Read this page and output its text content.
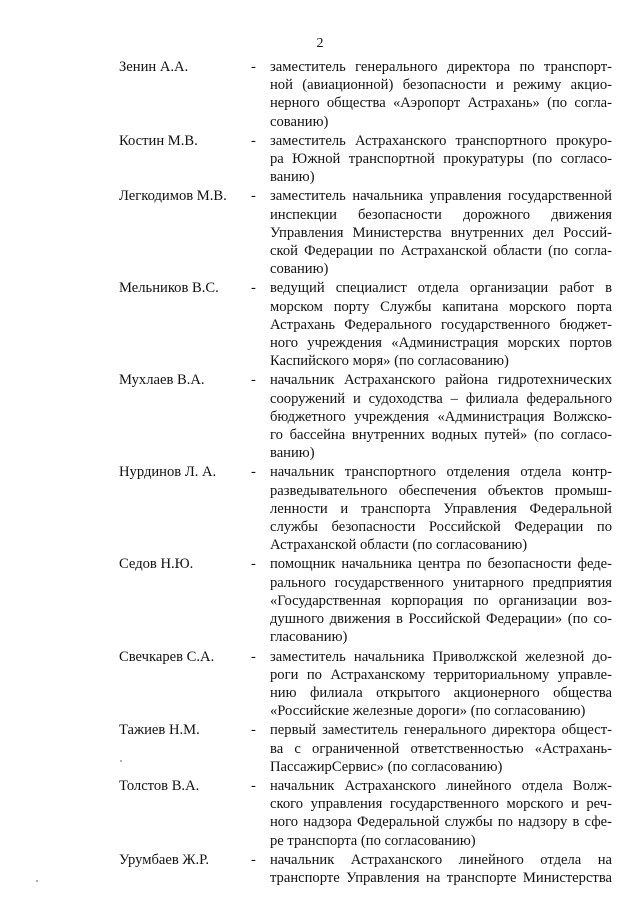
2
Зенин А.А.	- заместитель генерального директора по транспорт-
ной (авиационной) безопасности и режиму акцио-
нерного общества «Аэропорт Астрахань» (по согла-
сованию)
Костин М.В.	- заместитель Астраханского транспортного прокуро-
ра Южной транспортной прокуратуры (по согласо-
ванию)
Легкодимов М.В. - заместитель начальника управления государственной
инспекции безопасности дорожного движения
Управления Министерства внутренних дел Россий-
ской Федерации по Астраханской области (по согла-
сованию)
Мельников В.С. - ведущий специалист отдела организации работ в
морском порту Службы капитана морского порта
Астрахань Федерального государственного бюджет-
ного учреждения «Администрация морских портов
Каспийского моря» (по согласованию)
Мухлаев В.А.	- начальник Астраханского района гидротехнических
сооружений и судоходства – филиала федерального
бюджетного учреждения «Администрация Волжско-
го бассейна внутренних водных путей» (по согласо-
ванию)
Нурдинов Л. А. - начальник транспортного отделения отдела контр-
разведывательного обеспечения объектов промыш-
ленности и транспорта Управления Федеральной
службы безопасности Российской Федерации по
Астраханской области (по согласованию)
Седов Н.Ю.	- помощник начальника центра по безопасности феде-
рального государственного унитарного предприятия
«Государственная корпорация по организации воз-
душного движения в Российской Федерации» (по со-
гласованию)
Свечкарев С.А.	- заместитель начальника Приволжской железной до-
роги по Астраханскому территориальному управле-
нию филиала открытого акционерного общества
«Российские железные дороги» (по согласованию)
Тажиев Н.М.	- первый заместитель генерального директора общест-
ва с ограниченной ответственностью «Астрахань-
ПассажирСервис» (по согласованию)
Толстов В.А.	- начальник Астраханского линейного отдела Волж-
ского управления государственного морского и реч-
ного надзора Федеральной службы по надзору в сфе-
ре транспорта (по согласованию)
Урумбаев Ж.Р.	- начальник Астраханского линейного отдела на
транспорте Управления на транспорте Министерства
